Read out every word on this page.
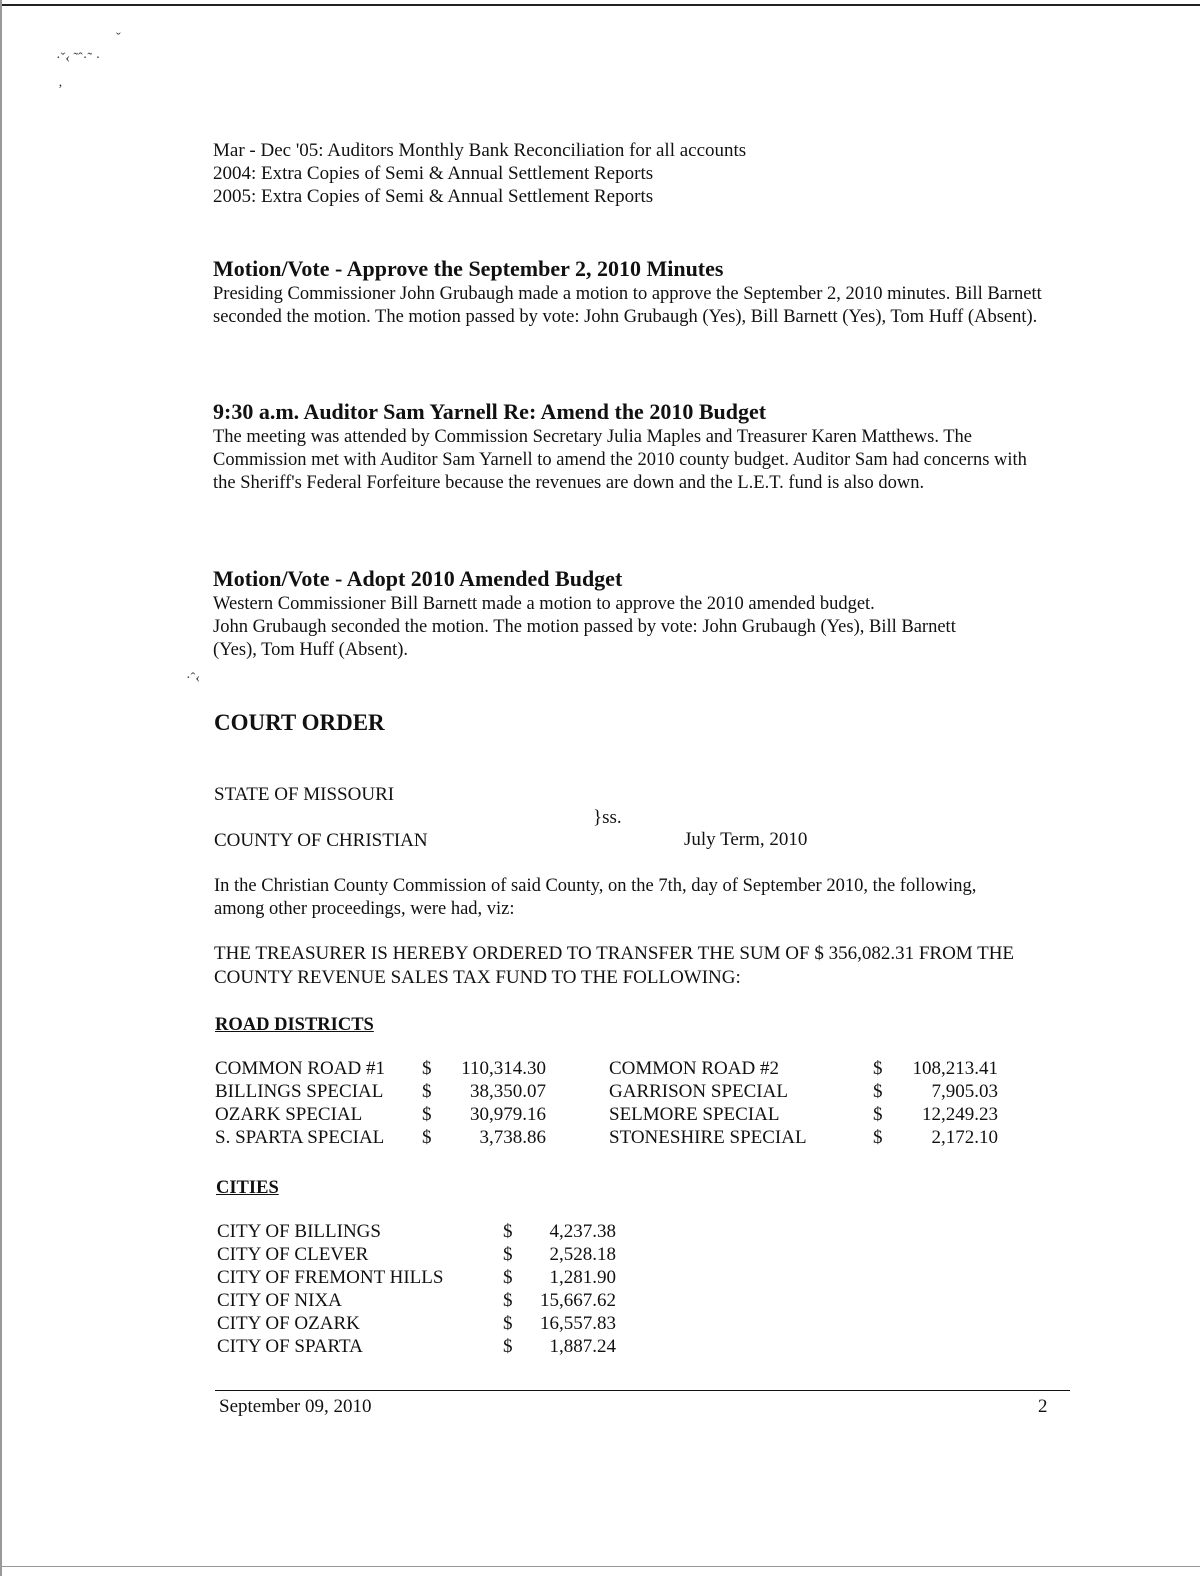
ˇ
·ˇ‹ ˜ˆ·˜ ·
‚
·ˆ‹
Mar - Dec '05: Auditors Monthly Bank Reconciliation for all accounts
2004: Extra Copies of Semi & Annual Settlement Reports
2005: Extra Copies of Semi & Annual Settlement Reports
Motion/Vote - Approve the September 2, 2010 Minutes
Presiding Commissioner John Grubaugh made a motion to approve the September 2, 2010 minutes. Bill Barnett seconded the motion. The motion passed by vote: John Grubaugh (Yes), Bill Barnett (Yes), Tom Huff (Absent).
9:30 a.m. Auditor Sam Yarnell Re: Amend the 2010 Budget
The meeting was attended by Commission Secretary Julia Maples and Treasurer Karen Matthews. The Commission met with Auditor Sam Yarnell to amend the 2010 county budget. Auditor Sam had concerns with the Sheriff's Federal Forfeiture because the revenues are down and the L.E.T. fund is also down.
Motion/Vote - Adopt 2010 Amended Budget
Western Commissioner Bill Barnett made a motion to approve the 2010 amended budget.
John Grubaugh seconded the motion. The motion passed by vote: John Grubaugh (Yes), Bill Barnett
(Yes), Tom Huff (Absent).
COURT ORDER
STATE OF MISSOURI
}ss.
COUNTY OF CHRISTIAN	July Term, 2010
In the Christian County Commission of said County, on the 7th, day of September 2010, the following,
among other proceedings, were had, viz:
THE TREASURER IS HEREBY ORDERED TO TRANSFER THE SUM OF $ 356,082.31 FROM THE
COUNTY REVENUE SALES TAX FUND TO THE FOLLOWING:
ROAD DISTRICTS
COMMON ROAD #1 $	110,314.30	COMMON ROAD #2	$	108,213.41
BILLINGS SPECIAL $	38,350.07	GARRISON SPECIAL	$	7,905.03
OZARK SPECIAL	$	30,979.16	SELMORE SPECIAL	$	12,249.23
S. SPARTA SPECIAL $	3,738.86	STONESHIRE SPECIAL	$	2,172.10
CITIES
CITY OF BILLINGS	$	4,237.38
CITY OF CLEVER	$	2,528.18
CITY OF FREMONT HILLS	$	1,281.90
CITY OF NIXA	$	15,667.62
CITY OF OZARK	$	16,557.83
CITY OF SPARTA	$	1,887.24
September 09, 2010	2
